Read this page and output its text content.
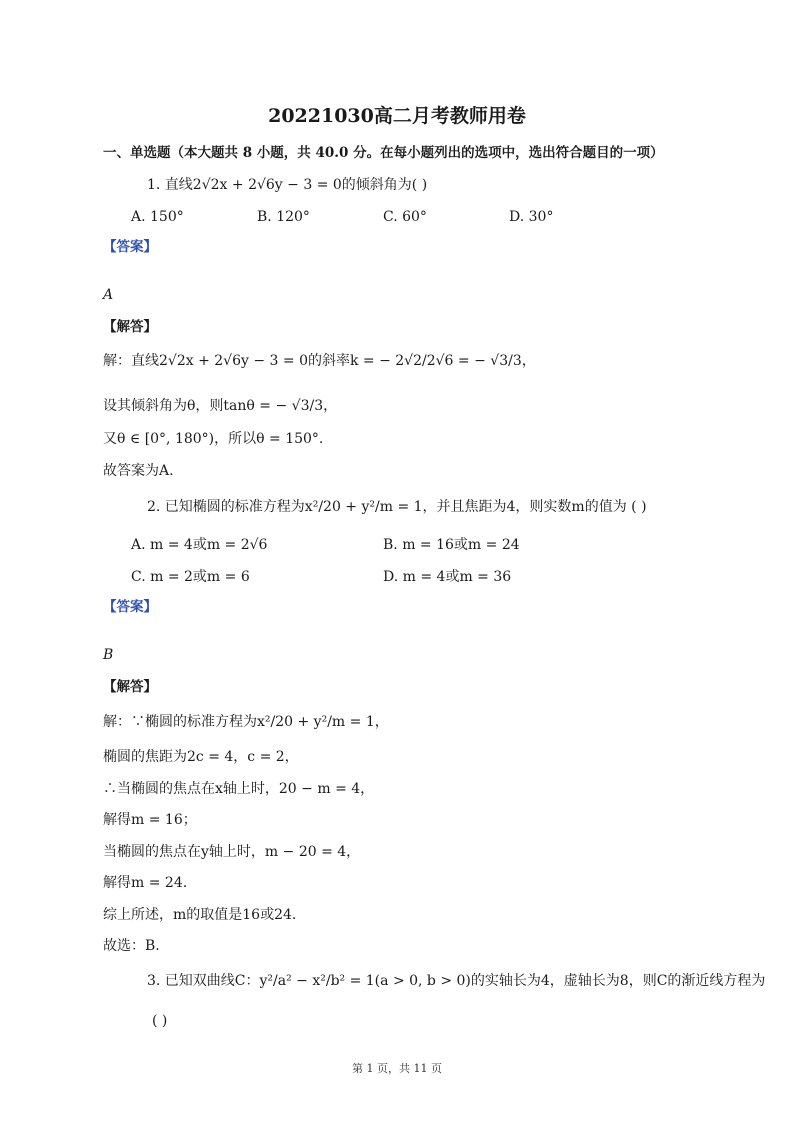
20221030高二月考教师用卷
一、单选题（本大题共 8 小题，共 40.0 分。在每小题列出的选项中，选出符合题目的一项）
1. 直线2√2x + 2√6y − 3 = 0的倾斜角为( )
A. 150°	B. 120°	C. 60°	D. 30°
【答案】
A
【解答】
解：直线2√2x + 2√6y − 3 = 0的斜率k = − 2√2/2√6 = − √3/3，
设其倾斜角为θ，则tanθ = − √3/3，
又θ ∈ [0°, 180°)，所以θ = 150°.
故答案为A.
2. 已知椭圆的标准方程为x²/20 + y²/m = 1，并且焦距为4，则实数m的值为 ( )
A. m = 4或m = 2√6	B. m = 16或m = 24
C. m = 2或m = 6	D. m = 4或m = 36
【答案】
B
【解答】
解：∵椭圆的标准方程为x²/20 + y²/m = 1，
椭圆的焦距为2c = 4，c = 2，
∴当椭圆的焦点在x轴上时，20 − m = 4，
解得m = 16；
当椭圆的焦点在y轴上时，m − 20 = 4，
解得m = 24.
综上所述，m的取值是16或24.
故选：B.
3. 已知双曲线C：y²/a² − x²/b² = 1(a > 0, b > 0)的实轴长为4，虚轴长为8，则C的渐近线方程为
( )
第 1 页，共 11 页
